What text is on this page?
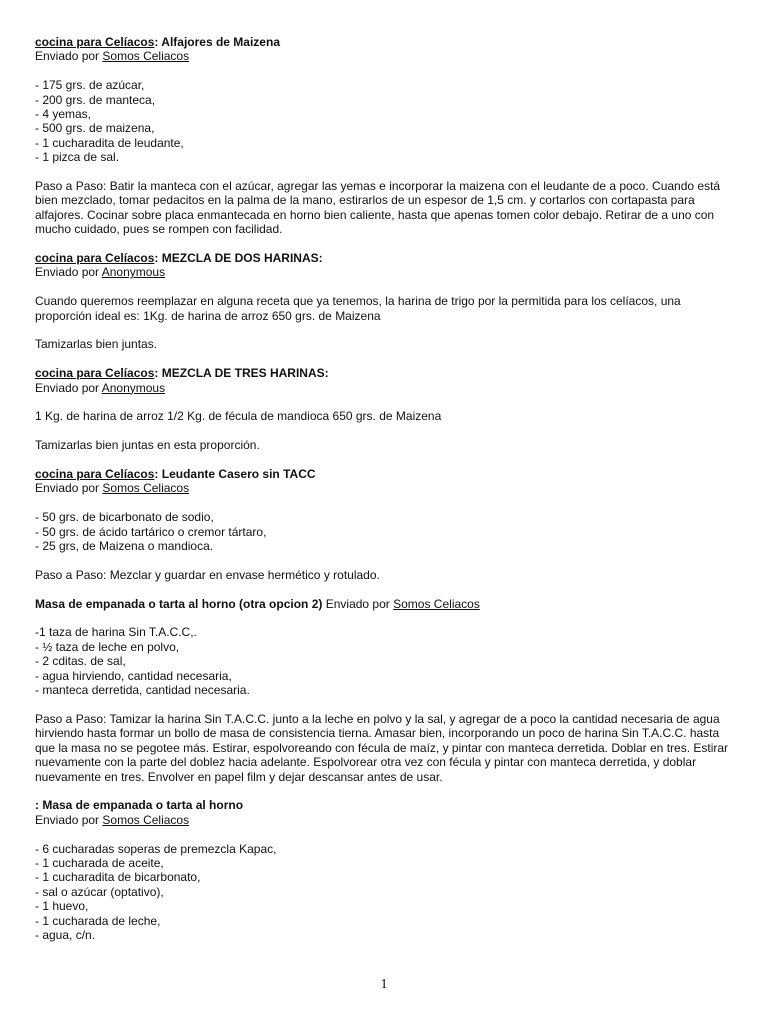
cocina para Celíacos: Alfajores de Maizena
Enviado por Somos Celiacos
- 175 grs. de azúcar,
- 200 grs. de manteca,
- 4 yemas,
- 500 grs. de maizena,
- 1 cucharadita de leudante,
- 1 pizca de sal.
Paso a Paso: Batir la manteca con el azúcar, agregar las yemas e incorporar la maizena con el leudante de a poco. Cuando está bien mezclado, tomar pedacitos en la palma de la mano, estirarlos de un espesor de 1,5 cm. y cortarlos con cortapasta para alfajores. Cocinar sobre placa enmantecada en horno bien caliente, hasta que apenas tomen color debajo. Retirar de a uno con mucho cuidado, pues se rompen con facilidad.
cocina para Celíacos: MEZCLA DE DOS HARINAS:
Enviado por Anonymous
Cuando queremos reemplazar en alguna receta que ya tenemos, la harina de trigo por la permitida para los celíacos, una proporción ideal es: 1Kg. de harina de arroz 650 grs. de Maizena
Tamizarlas bien juntas.
cocina para Celíacos: MEZCLA DE TRES HARINAS:
Enviado por Anonymous
1 Kg. de harina de arroz 1/2 Kg. de fécula de mandioca 650 grs. de Maizena
Tamizarlas bien juntas en esta proporción.
cocina para Celíacos: Leudante Casero sin TACC
Enviado por Somos Celiacos
- 50 grs. de bicarbonato de sodio,
- 50 grs. de ácido tartárico o cremor tártaro,
- 25 grs, de Maizena o mandioca.
Paso a Paso: Mezclar y guardar en envase hermético y rotulado.
Masa de empanada o tarta al horno (otra opcion 2) Enviado por Somos Celiacos
-1 taza de harina Sin T.A.C.C,.
- ½ taza de leche en polvo,
- 2 cditas. de sal,
- agua hirviendo, cantidad necesaria,
- manteca derretida, cantidad necesaria.
Paso a Paso: Tamizar la harina Sin T.A.C.C. junto a la leche en polvo y la sal, y agregar de a poco la cantidad necesaria de agua hirviendo hasta formar un bollo de masa de consistencia tierna. Amasar bien, incorporando un poco de harina Sin T.A.C.C. hasta que la masa no se pegotee más. Estirar, espolvoreando con fécula de maíz, y pintar con manteca derretida. Doblar en tres. Estirar nuevamente con la parte del doblez hacia adelante. Espolvorear otra vez con fécula y pintar con manteca derretida, y doblar nuevamente en tres. Envolver en papel film y dejar descansar antes de usar.
: Masa de empanada o tarta al horno
Enviado por Somos Celiacos
- 6 cucharadas soperas de premezcla Kapac,
- 1 cucharada de aceite,
- 1 cucharadita de bicarbonato,
- sal o azúcar (optativo),
- 1 huevo,
- 1 cucharada de leche,
- agua, c/n.
1
